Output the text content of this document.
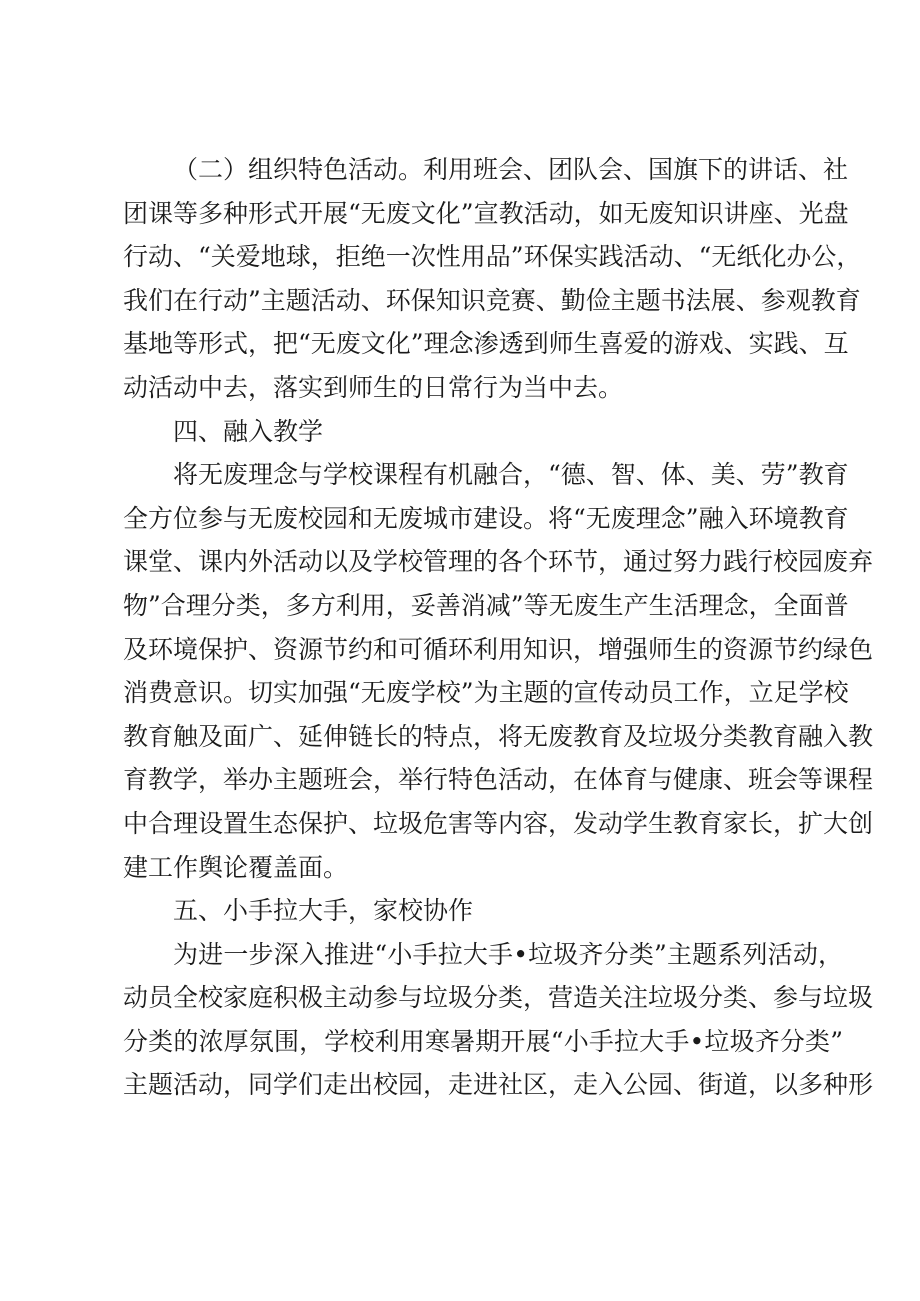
（二）组织特色活动。利用班会、团队会、国旗下的讲话、社
团课等多种形式开展“无废文化”宣教活动，如无废知识讲座、光盘
行动、“关爱地球，拒绝一次性用品”环保实践活动、“无纸化办公，
我们在行动”主题活动、环保知识竞赛、勤俭主题书法展、参观教育
基地等形式，把“无废文化”理念渗透到师生喜爱的游戏、实践、互
动活动中去，落实到师生的日常行为当中去。
四、融入教学
将无废理念与学校课程有机融合，“德、智、体、美、劳”教育
全方位参与无废校园和无废城市建设。将“无废理念”融入环境教育
课堂、课内外活动以及学校管理的各个环节，通过努力践行校园废弃
物”合理分类，多方利用，妥善消减”等无废生产生活理念，全面普
及环境保护、资源节约和可循环利用知识，增强师生的资源节约绿色
消费意识。切实加强“无废学校”为主题的宣传动员工作，立足学校
教育触及面广、延伸链长的特点，将无废教育及垃圾分类教育融入教
育教学，举办主题班会，举行特色活动，在体育与健康、班会等课程
中合理设置生态保护、垃圾危害等内容，发动学生教育家长，扩大创
建工作舆论覆盖面。
五、小手拉大手，家校协作
为进一步深入推进“小手拉大手•垃圾齐分类”主题系列活动，
动员全校家庭积极主动参与垃圾分类，营造关注垃圾分类、参与垃圾
分类的浓厚氛围，学校利用寒暑期开展“小手拉大手•垃圾齐分类”
主题活动，同学们走出校园，走进社区，走入公园、街道，以多种形
